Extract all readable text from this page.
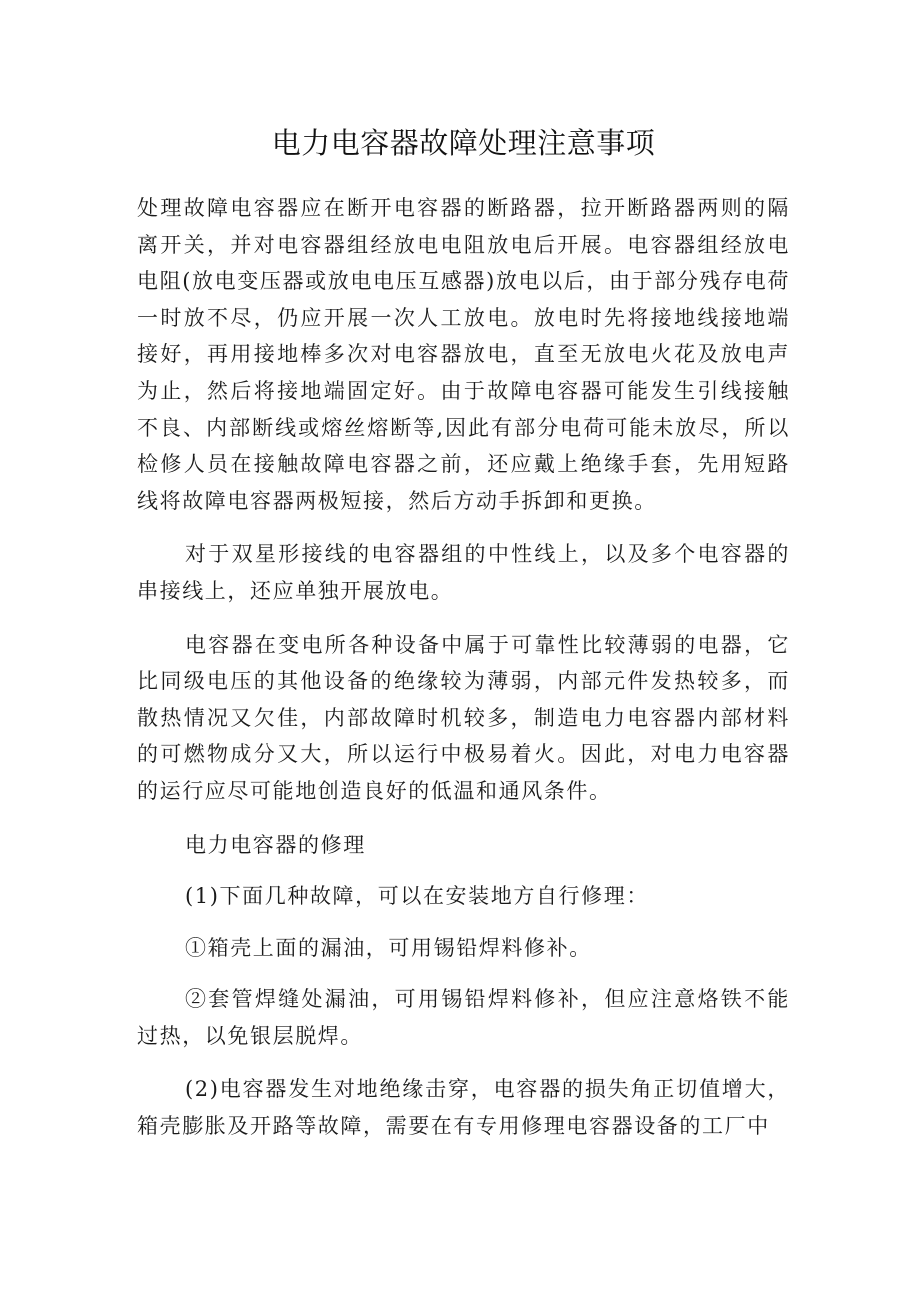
电力电容器故障处理注意事项

处理故障电容器应在断开电容器的断路器，拉开断路器两则的隔离开关，并对电容器组经放电电阻放电后开展。电容器组经放电电阻(放电变压器或放电电压互感器)放电以后，由于部分残存电荷一时放不尽，仍应开展一次人工放电。放电时先将接地线接地端接好，再用接地棒多次对电容器放电，直至无放电火花及放电声为止，然后将接地端固定好。由于故障电容器可能发生引线接触不良、内部断线或熔丝熔断等,因此有部分电荷可能未放尽，所以检修人员在接触故障电容器之前，还应戴上绝缘手套，先用短路线将故障电容器两极短接，然后方动手拆卸和更换。

对于双星形接线的电容器组的中性线上，以及多个电容器的串接线上，还应单独开展放电。

电容器在变电所各种设备中属于可靠性比较薄弱的电器，它比同级电压的其他设备的绝缘较为薄弱，内部元件发热较多，而散热情况又欠佳，内部故障时机较多，制造电力电容器内部材料的可燃物成分又大，所以运行中极易着火。因此，对电力电容器的运行应尽可能地创造良好的低温和通风条件。

电力电容器的修理

(1)下面几种故障，可以在安装地方自行修理：

①箱壳上面的漏油，可用锡铅焊料修补。

②套管焊缝处漏油，可用锡铅焊料修补，但应注意烙铁不能过热，以免银层脱焊。

(2)电容器发生对地绝缘击穿，电容器的损失角正切值增大，箱壳膨胀及开路等故障，需要在有专用修理电容器设备的工厂中
